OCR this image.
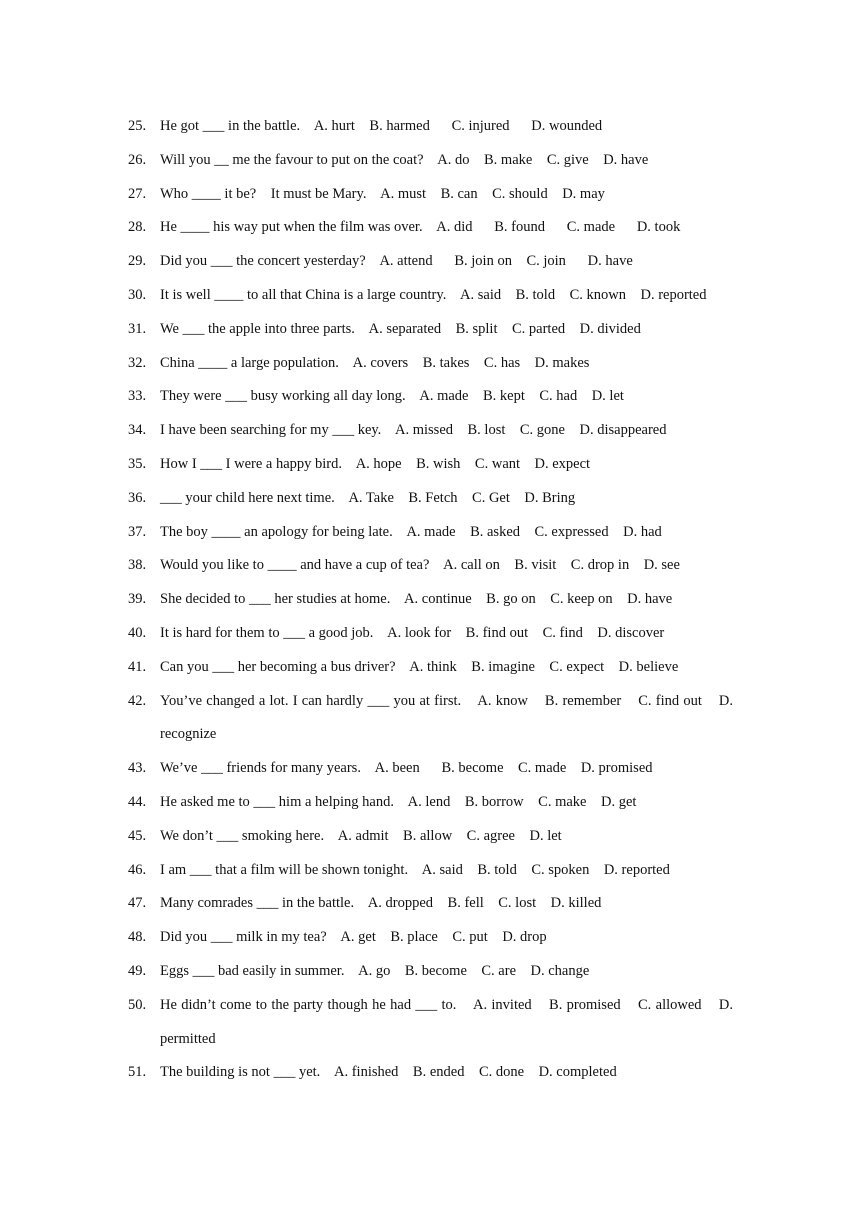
25. He got ___ in the battle.    A. hurt    B. harmed      C. injured      D. wounded
26. Will you __ me the favour to put on the coat?    A. do    B. make    C. give    D. have
27. Who ____ it be?    It must be Mary.    A. must    B. can    C. should    D. may
28. He ____ his way put when the film was over.    A. did      B. found      C. made      D. took
29. Did you ___ the concert yesterday?    A. attend      B. join on    C. join      D. have
30. It is well ____ to all that China is a large country.    A. said    B. told    C. known    D. reported
31. We ___ the apple into three parts.    A. separated    B. split    C. parted    D. divided
32. China ____ a large population.    A. covers    B. takes    C. has    D. makes
33. They were ___ busy working all day long.    A. made    B. kept    C. had    D. let
34. I have been searching for my ___ key.    A. missed    B. lost    C. gone    D. disappeared
35. How I ___ I were a happy bird.    A. hope    B. wish    C. want    D. expect
36. ___ your child here next time.    A. Take    B. Fetch    C. Get    D. Bring
37. The boy ____ an apology for being late.    A. made    B. asked    C. expressed    D. had
38. Would you like to ____ and have a cup of tea?    A. call on    B. visit    C. drop in    D. see
39. She decided to ___ her studies at home.    A. continue    B. go on    C. keep on    D. have
40. It is hard for them to ___ a good job.    A. look for    B. find out    C. find    D. discover
41. Can you ___ her becoming a bus driver?    A. think    B. imagine    C. expect    D. believe
42. You’ve changed a lot. I can hardly ___ you at first.    A. know    B. remember    C. find out    D. recognize
43. We’ve ___ friends for many years.    A. been      B. become    C. made    D. promised
44. He asked me to ___ him a helping hand.    A. lend    B. borrow    C. make    D. get
45. We don’t ___ smoking here.    A. admit    B. allow    C. agree    D. let
46. I am ___ that a film will be shown tonight.    A. said    B. told    C. spoken    D. reported
47. Many comrades ___ in the battle.    A. dropped    B. fell    C. lost    D. killed
48. Did you ___ milk in my tea?    A. get    B. place    C. put    D. drop
49. Eggs ___ bad easily in summer.    A. go    B. become    C. are    D. change
50. He didn’t come to the party though he had ___ to.    A. invited    B. promised    C. allowed    D. permitted
51. The building is not ___ yet.    A. finished    B. ended    C. done    D. completed
